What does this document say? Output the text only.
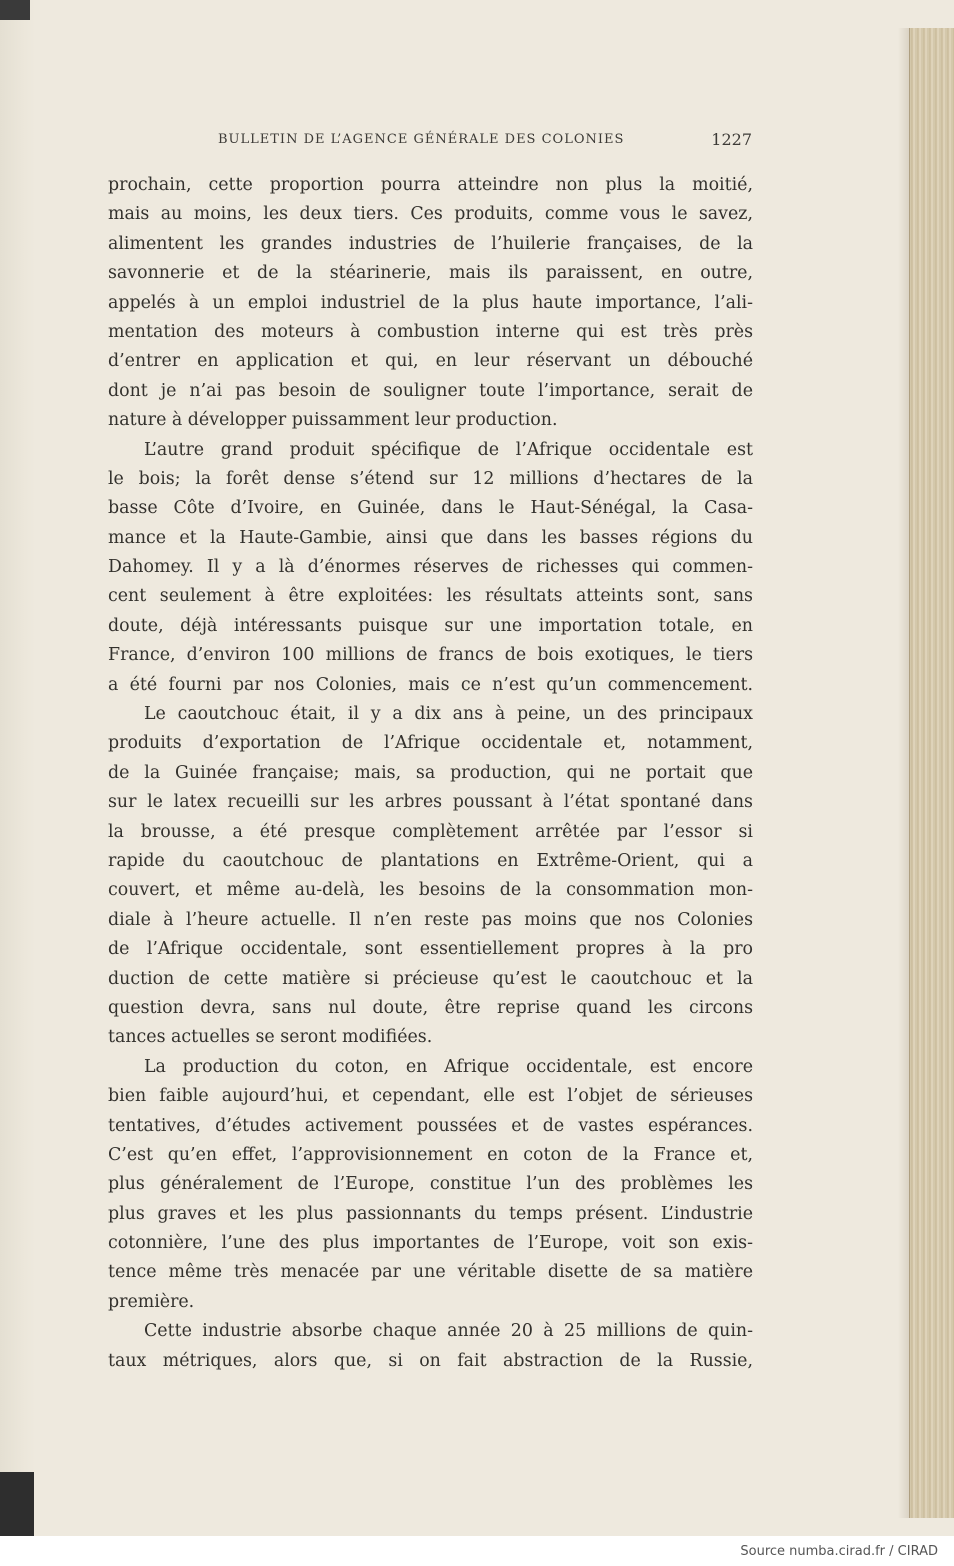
BULLETIN DE L’AGENCE GÉNÉRALE DES COLONIES	1227
prochain, cette proportion pourra atteindre non plus la moitié,
mais au moins, les deux tiers. Ces produits, comme vous le savez,
alimentent les grandes industries de l’huilerie françaises, de la
savonnerie et de la stéarinerie, mais ils paraissent, en outre,
appelés à un emploi industriel de la plus haute importance, l’ali-
mentation des moteurs à combustion interne qui est très près
d’entrer en application et qui, en leur réservant un débouché
dont je n’ai pas besoin de souligner toute l’importance, serait de
nature à développer puissamment leur production.
L’autre grand produit spécifique de l’Afrique occidentale est
le bois; la forêt dense s’étend sur 12 millions d’hectares de la
basse Côte d’Ivoire, en Guinée, dans le Haut-Sénégal, la Casa-
mance et la Haute-Gambie, ainsi que dans les basses régions du
Dahomey. Il y a là d’énormes réserves de richesses qui commen-
cent seulement à être exploitées: les résultats atteints sont, sans
doute, déjà intéressants puisque sur une importation totale, en
France, d’environ 100 millions de francs de bois exotiques, le tiers
a été fourni par nos Colonies, mais ce n’est qu’un commencement.
Le caoutchouc était, il y a dix ans à peine, un des principaux
produits d’exportation de l’Afrique occidentale et, notamment,
de la Guinée française; mais, sa production, qui ne portait que
sur le latex recueilli sur les arbres poussant à l’état spontané dans
la brousse, a été presque complètement arrêtée par l’essor si
rapide du caoutchouc de plantations en Extrême-Orient, qui a
couvert, et même au-delà, les besoins de la consommation mon-
diale à l’heure actuelle. Il n’en reste pas moins que nos Colonies
de l’Afrique occidentale, sont essentiellement propres à la pro
duction de cette matière si précieuse qu’est le caoutchouc et la
question devra, sans nul doute, être reprise quand les circons
tances actuelles se seront modifiées.
La production du coton, en Afrique occidentale, est encore
bien faible aujourd’hui, et cependant, elle est l’objet de sérieuses
tentatives, d’études activement poussées et de vastes espérances.
C’est qu’en effet, l’approvisionnement en coton de la France et,
plus généralement de l’Europe, constitue l’un des problèmes les
plus graves et les plus passionnants du temps présent. L’industrie
cotonnière, l’une des plus importantes de l’Europe, voit son exis-
tence même très menacée par une véritable disette de sa matière
première.
Cette industrie absorbe chaque année 20 à 25 millions de quin-
taux métriques, alors que, si on fait abstraction de la Russie,
Source numba.cirad.fr / CIRAD
